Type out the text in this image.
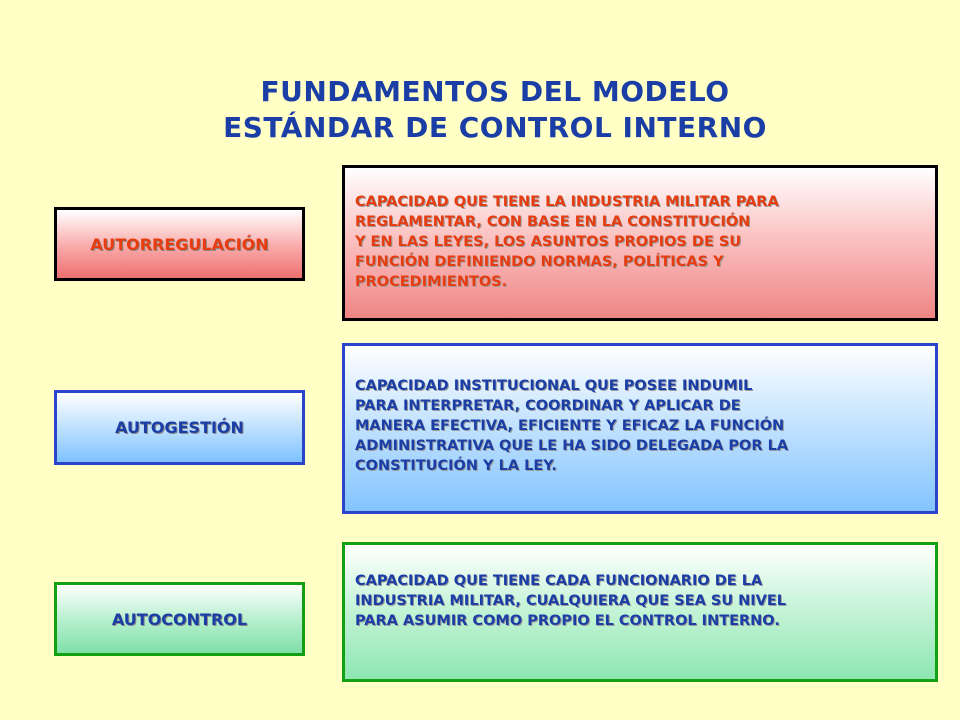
FUNDAMENTOS DEL MODELO
ESTÁNDAR DE CONTROL INTERNO
AUTORREGULACIÓN
CAPACIDAD QUE TIENE LA INDUSTRIA MILITAR PARA
REGLAMENTAR, CON BASE EN LA CONSTITUCIÓN
Y EN LAS LEYES, LOS ASUNTOS PROPIOS DE SU
FUNCIÓN DEFINIENDO NORMAS, POLÍTICAS Y
PROCEDIMIENTOS.
AUTOGESTIÓN
CAPACIDAD INSTITUCIONAL QUE POSEE INDUMIL
PARA INTERPRETAR, COORDINAR Y APLICAR DE
MANERA EFECTIVA, EFICIENTE Y EFICAZ LA FUNCIÓN
ADMINISTRATIVA QUE LE HA SIDO DELEGADA POR LA
CONSTITUCIÓN Y LA LEY.
AUTOCONTROL
CAPACIDAD QUE TIENE CADA FUNCIONARIO DE LA
INDUSTRIA MILITAR, CUALQUIERA QUE SEA SU NIVEL
PARA ASUMIR COMO PROPIO EL CONTROL INTERNO.
